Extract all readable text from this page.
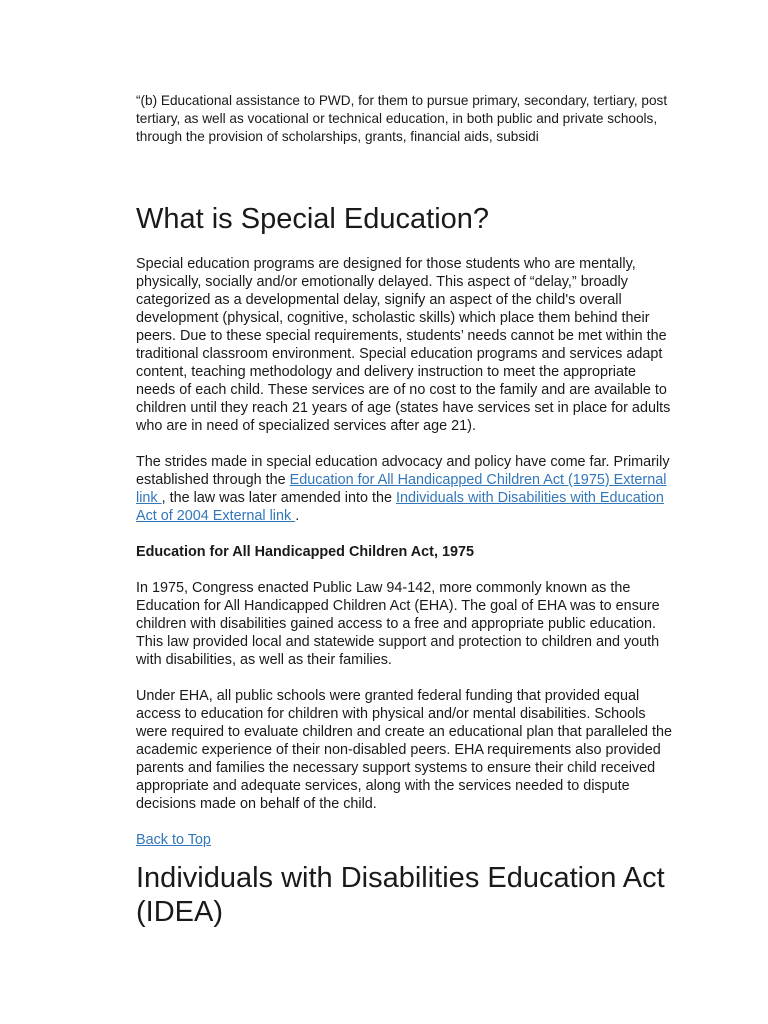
“(b) Educational assistance to PWD, for them to pursue primary, secondary, tertiary, post tertiary, as well as vocational or technical education, in both public and private schools, through the provision of scholarships, grants, financial aids, subsidi

What is Special Education?

Special education programs are designed for those students who are mentally, physically, socially and/or emotionally delayed. This aspect of “delay,” broadly categorized as a developmental delay, signify an aspect of the child's overall development (physical, cognitive, scholastic skills) which place them behind their peers. Due to these special requirements, students’ needs cannot be met within the traditional classroom environment. Special education programs and services adapt content, teaching methodology and delivery instruction to meet the appropriate needs of each child. These services are of no cost to the family and are available to children until they reach 21 years of age (states have services set in place for adults who are in need of specialized services after age 21).

The strides made in special education advocacy and policy have come far. Primarily established through the Education for All Handicapped Children Act (1975) External link , the law was later amended into the Individuals with Disabilities with Education Act of 2004 External link .

Education for All Handicapped Children Act, 1975

In 1975, Congress enacted Public Law 94-142, more commonly known as the Education for All Handicapped Children Act (EHA). The goal of EHA was to ensure children with disabilities gained access to a free and appropriate public education. This law provided local and statewide support and protection to children and youth with disabilities, as well as their families.

Under EHA, all public schools were granted federal funding that provided equal access to education for children with physical and/or mental disabilities. Schools were required to evaluate children and create an educational plan that paralleled the academic experience of their non-disabled peers. EHA requirements also provided parents and families the necessary support systems to ensure their child received appropriate and adequate services, along with the services needed to dispute decisions made on behalf of the child.

Back to Top

Individuals with Disabilities Education Act (IDEA)
